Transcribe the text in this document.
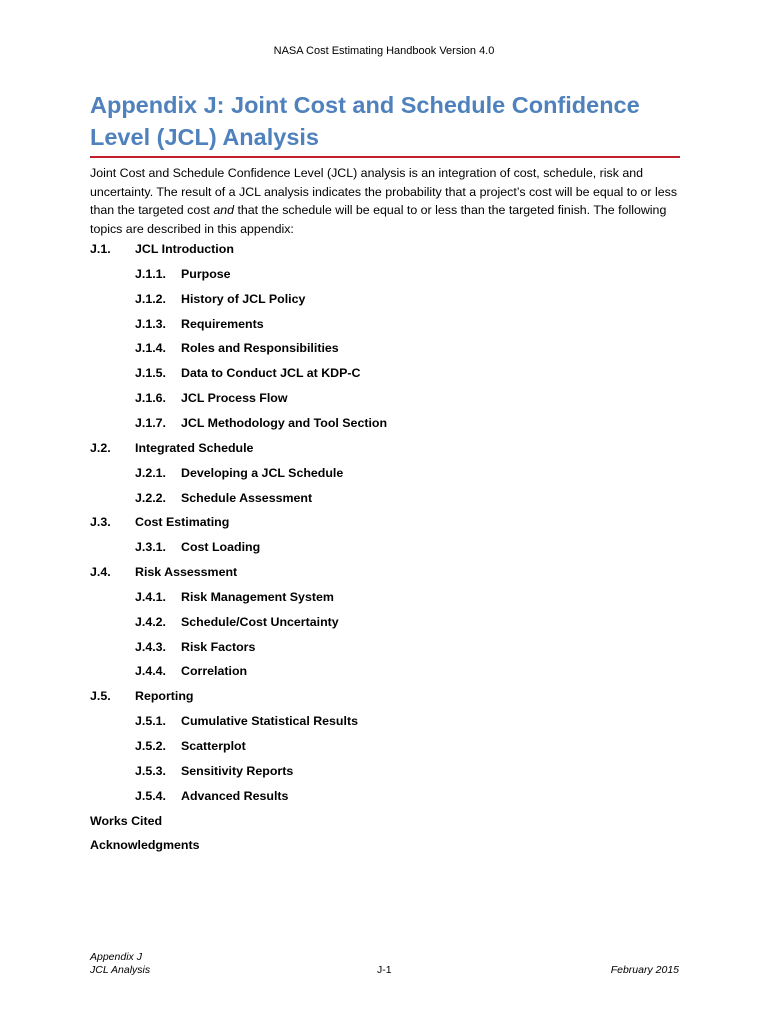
NASA Cost Estimating Handbook Version 4.0
Appendix J: Joint Cost and Schedule Confidence
Level (JCL) Analysis

Joint Cost and Schedule Confidence Level (JCL) analysis is an integration of cost, schedule, risk and uncertainty. The result of a JCL analysis indicates the probability that a project’s cost will be equal to or less than the targeted cost and that the schedule will be equal to or less than the targeted finish. The following topics are described in this appendix:

J.1. JCL Introduction
J.1.1. Purpose
J.1.2. History of JCL Policy
J.1.3. Requirements
J.1.4. Roles and Responsibilities
J.1.5. Data to Conduct JCL at KDP-C
J.1.6. JCL Process Flow
J.1.7. JCL Methodology and Tool Section
J.2. Integrated Schedule
J.2.1. Developing a JCL Schedule
J.2.2. Schedule Assessment
J.3. Cost Estimating
J.3.1. Cost Loading
J.4. Risk Assessment
J.4.1. Risk Management System
J.4.2. Schedule/Cost Uncertainty
J.4.3. Risk Factors
J.4.4. Correlation
J.5. Reporting
J.5.1. Cumulative Statistical Results
J.5.2. Scatterplot
J.5.3. Sensitivity Reports
J.5.4. Advanced Results
Works Cited
Acknowledgments
Appendix J
JCL Analysis	J-1	February 2015
